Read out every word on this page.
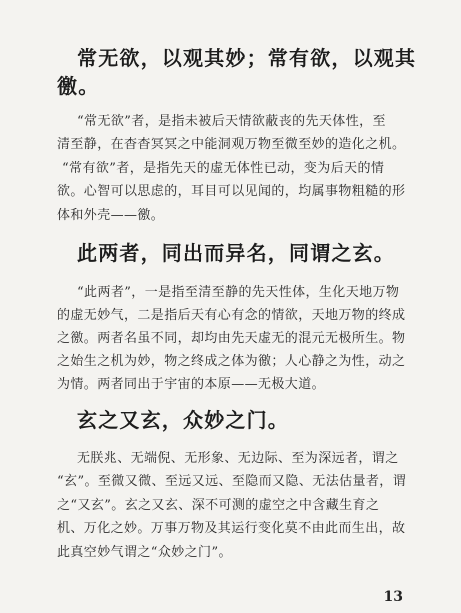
常无欲，以观其妙；常有欲，以观其
徼。
“常无欲”者，是指未被后天情欲蔽丧的先天体性，至
清至静，在杳杳冥冥之中能洞观万物至微至妙的造化之机。
“常有欲”者，是指先天的虚无体性已动，变为后天的情
欲。心智可以思虑的，耳目可以见闻的，均属事物粗糙的形
体和外壳——徼。
此两者，同出而异名，同谓之玄。
“此两者”，一是指至清至静的先天性体，生化天地万物
的虚无妙气，二是指后天有心有念的情欲，天地万物的终成
之徼。两者名虽不同，却均由先天虚无的混元无极所生。物
之始生之机为妙，物之终成之体为徼；人心静之为性，动之
为情。两者同出于宇宙的本原——无极大道。
玄之又玄，众妙之门。
无朕兆、无端倪、无形象、无边际、至为深远者，谓之
“玄”。至微又微、至远又远、至隐而又隐、无法估量者，谓
之“又玄”。玄之又玄、深不可测的虚空之中含藏生育之
机、万化之妙。万事万物及其运行变化莫不由此而生出，故
此真空妙气谓之“众妙之门”。
13
